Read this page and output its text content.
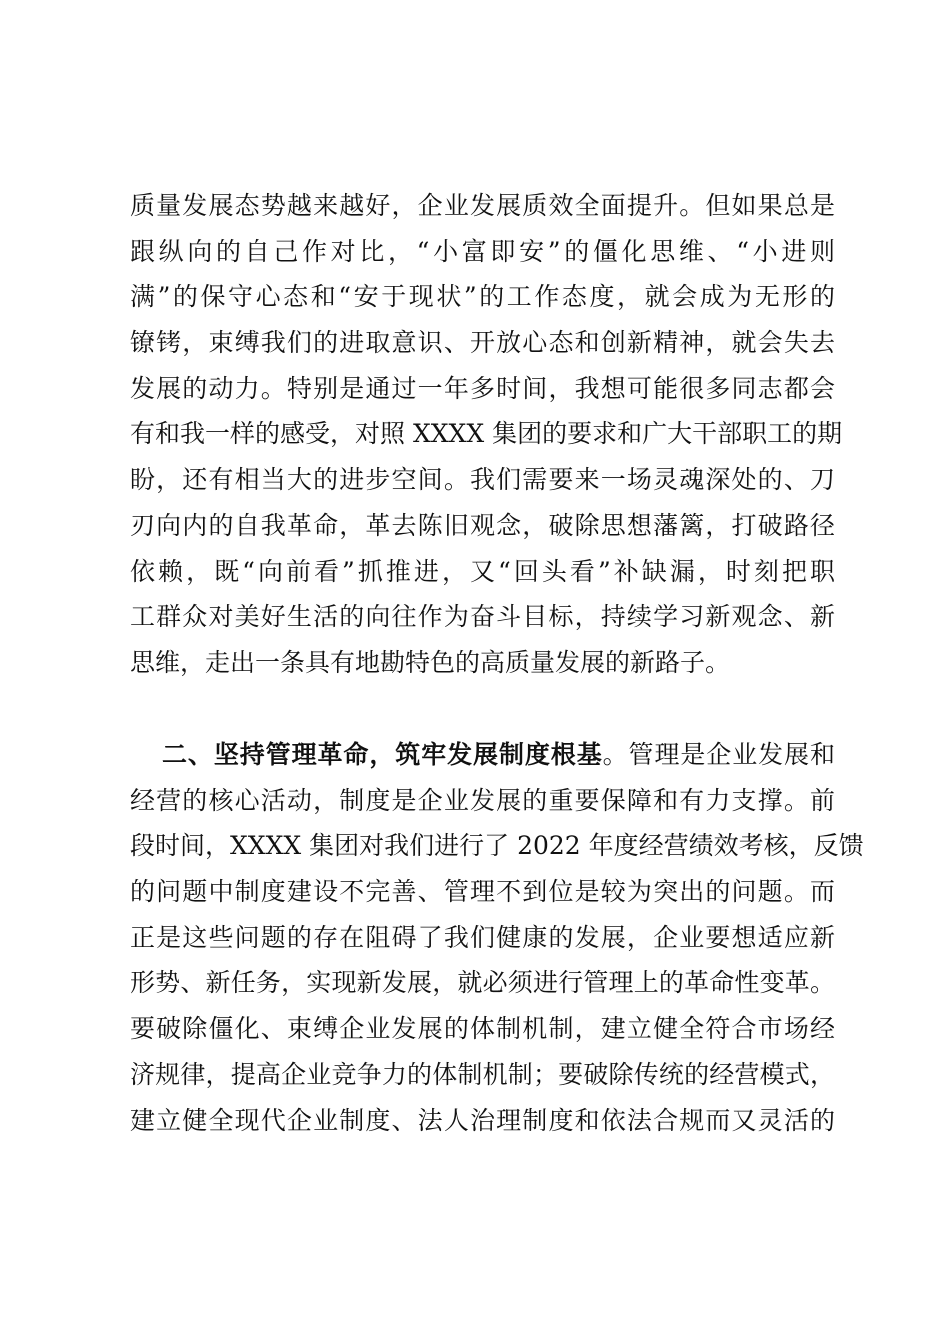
质量发展态势越来越好，企业发展质效全面提升。但如果总是
跟纵向的自己作对比，“小富即安”的僵化思维、“小进则
满”的保守心态和“安于现状”的工作态度，就会成为无形的
镣铐，束缚我们的进取意识、开放心态和创新精神，就会失去
发展的动力。特别是通过一年多时间，我想可能很多同志都会
有和我一样的感受，对照 XXXX 集团的要求和广大干部职工的期
盼，还有相当大的进步空间。我们需要来一场灵魂深处的、刀
刃向内的自我革命，革去陈旧观念，破除思想藩篱，打破路径
依赖，既“向前看”抓推进，又“回头看”补缺漏，时刻把职
工群众对美好生活的向往作为奋斗目标，持续学习新观念、新
思维，走出一条具有地勘特色的高质量发展的新路子。
二、坚持管理革命，筑牢发展制度根基。管理是企业发展和
经营的核心活动，制度是企业发展的重要保障和有力支撑。前
段时间，XXXX 集团对我们进行了 2022 年度经营绩效考核，反馈
的问题中制度建设不完善、管理不到位是较为突出的问题。而
正是这些问题的存在阻碍了我们健康的发展，企业要想适应新
形势、新任务，实现新发展，就必须进行管理上的革命性变革。
要破除僵化、束缚企业发展的体制机制，建立健全符合市场经
济规律，提高企业竞争力的体制机制；要破除传统的经营模式，
建立健全现代企业制度、法人治理制度和依法合规而又灵活的
